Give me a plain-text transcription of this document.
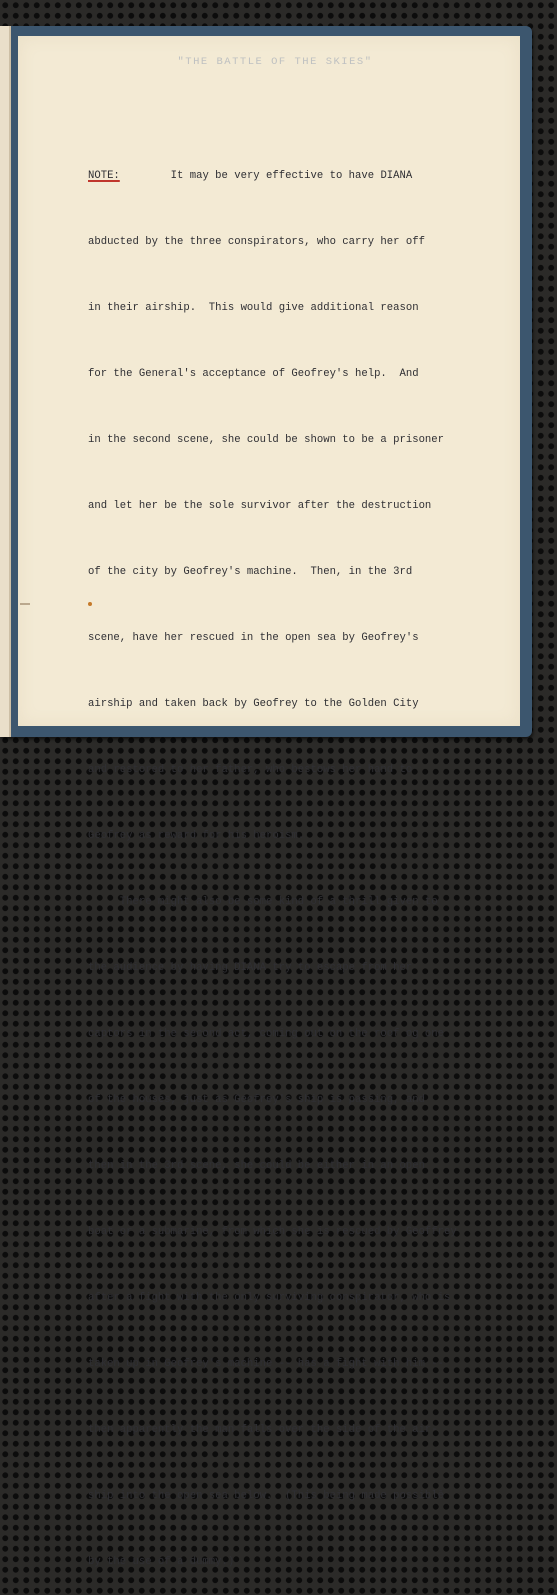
"THE BATTLE OF THE SKIES"

NOTE:        It may be very effective to have DIANA

abducted by the three conspirators, who carry her off

in their airship.  This would give additional reason

for the General's acceptance of Geofrey's help.  And

in the second scene, she could be shown to be a prisoner

and let her be the sole survivor after the destruction

of the city by Geofrey's machine.  Then, in the 3rd

scene, have her rescued in the open sea by Geofrey's

airship and taken back by Geofrey to the Golden City

and restored to her father, who bestows her hand to

Geofrey as reward for his heroism.

There might also be some kind of a thrill given to

the audience by having DIANA try to escape from her

captors in the second act, coming out on the roof oɡ one

of the houses, just as Geofrey's ship is passing, and

then in the 3rd scene, she could be either in an open

boat or a submarine, from which she is rescued by Geoffrey

after a fight with the only surviving conspirator, who is

taken up in Geofrey's machine -- has a fight with him --

then apparently the man falls over the side of the air-

ship into the open sea below.  (This being made possiblē

by the use of a dummy.)
